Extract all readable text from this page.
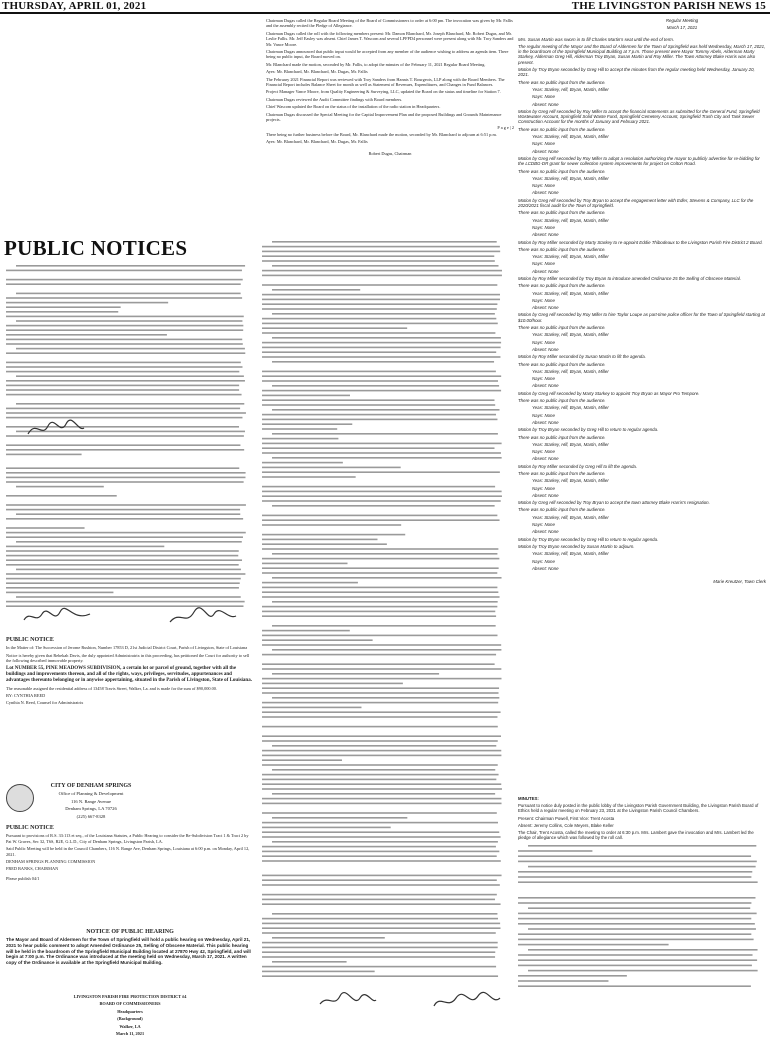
THURSDAY, APRIL 01, 2021	THE LIVINGSTON PARISH NEWS 15

Chairman Dugas called the Regular Board Meeting of the Board of Commissioners to order at 6:00 pm. The invocation was given by Mr. Fallis and the assembly recited the Pledge of Allegiance.

Chairman Dugas called the roll with the following members present: Mr. Damon Blanchard, Mr. Joseph Blanchard, Mr. Robert Dugas, and Mr. Leslie Fallis. Mr. Jeff Easley was absent. Chief James T. Wascom and several LPFPD4 personnel were present along with Mr. Troy Sanders and Mr. Vance Moore.

Chairman Dugas announced that public input would be accepted from any member of the audience wishing to address an agenda item. There being no public input, the Board moved on.

Mr. Blanchard made the motion, seconded by Mr. Fallis, to adopt the minutes of the February 11, 2021 Regular Board Meeting.

Ayes: Mr. Blanchard, Mr. Blanchard, Mr. Dugas, Mr. Fallis

The February 2021 Financial Report was reviewed with Troy Sanders from Hannis T. Bourgeois, LLP along with the Board Members. The Financial Report includes Balance Sheet for month as well as Statement of Revenues, Expenditures, and Changes in Fund Balances.

Project Manager Vance Moore, from Quality Engineering & Surveying, LLC, updated the Board on the status and timeline for Station 7.

Chairman Dugas reviewed the Audit Committee findings with Board members.

Chief Wascom updated the Board on the status of the installation of the radio station in Headquarters.

Chairman Dugas discussed the Special Meeting for the Capital Improvement Plan and the proposed Buildings and Grounds Maintenance projects.

P a g e | 2

There being no further business before the Board, Mr. Blanchard made the motion, seconded by Mr. Blanchard to adjourn at 6:51 p.m.

Ayes: Mr. Blanchard, Mr. Blanchard, Mr. Dugas, Mr. Fallis

Robert Dugas, Chairman

PUBLIC NOTICES

PUBLIC NOTICE

In the Matter of: The Succession of Jerome Rushton, Number 17853 D, 21st Judicial District Court, Parish of Livingston, State of Louisiana

Notice is hereby given that Rebekah Davis, the duly appointed Administratrix in this proceeding, has petitioned the Court for authority to sell the following described immovable property.

Lot NUMBER 55, PINE MEADOWS SUBDIVISION, a certain lot or parcel of ground, together with all the buildings and improvements thereon, and all of the rights, ways, privileges, servitudes, appurtenances and advantages thereunto belonging or in anywise appertaining, situated in the Parish of Livingston, State of Louisiana.

The reasonable assigned the residential address of 13458 Travis Street, Walker, La. and is made for the sum of $90,000.00.

BY: CYNTHIA REED

Cynthia N. Reed, Counsel for Administratrix

CITY OF DENHAM SPRINGS

Office of Planning & Development

116 N. Range Avenue

Denham Springs, LA 70726

(225) 667-8328

PUBLIC NOTICE

Pursuant to provisions of R.S. 33:113 et seq., of the Louisiana Statutes, a Public Hearing to consider the Re-Subdivision Tract 1 & Tract 2 by Pat W. Graves, Sec 32, T6S, R2E, G.L.D., City of Denham Springs, Livingston Parish, LA.

Said Public Meeting will be held in the Council Chambers, 116 N. Range Ave, Denham Springs, Louisiana at 6:00 p.m. on Monday, April 12, 2021.

DENHAM SPRINGS PLANNING COMMISSION

FRED BANKS, CHAIRMAN

Please publish 04/1

NOTICE OF PUBLIC HEARING

The Mayor and Board of Aldermen for the Town of Springfield will hold a public hearing on Wednesday, April 21, 2021 to hear public comment to adopt Amended Ordinance 25, Selling of Obscene Material. This public hearing will be held in the boardroom of the Springfield Municipal Building located at 27870 Hwy 42, Springfield, and will begin at 7:00 p.m. The Ordinance was introduced at the meeting held on Wednesday, March 17, 2021. A written copy of the Ordinance is available at the Springfield Municipal Building.

LIVINGSTON PARISH FIRE PROTECTION DISTRICT #4

BOARD OF COMMISSIONERS

Headquarters

(Background)

Walker, LA

March 11, 2021

Regular Meeting

March 17, 2021

Mrs. Susan Martin was sworn in to fill Charles Martin's seat until the end of term.

The regular meeting of the Mayor and the Board of Aldermen for the Town of Springfield was held Wednesday, March 17, 2021, in the boardroom of the Springfield Municipal Building at 7 p.m. Those present were Mayor Tommy Abels, Alderman Marty Starkey, Alderman Greg Hill, Alderman Troy Bryan, Susan Martin and Roy Miller. The Town Attorney Blake Harris was also present.

Motion by Troy Bryan seconded by Greg Hill to accept the minutes from the regular meeting held Wednesday, January 20, 2021.

There was no public input from the audience.

Yeas: Starkey, Hill, Bryan, Martin, Miller

Nays: None

Absent: None

Motion by Greg Hill seconded by Roy Miller to accept the financial statements as submitted for the General Fund, Springfield Wastewater Account, Springfield Solid Waste Fund, Springfield Cemetery Account, Springfield Trash City and Tank Sewer Construction Account for the months of January and February 2021.

There was no public input from the audience.

Yeas: Starkey, Hill, Bryan, Martin, Miller

Nays: None

Absent: None

Motion by Greg Hill seconded by Roy Miller to adopt a resolution authorizing the mayor to publicly advertise for re-bidding for the LCDBG-DR grant for sewer collection system improvements for project on Colton Road.

There was no public input from the audience.

Yeas: Starkey, Hill, Bryan, Martin, Miller

Nays: None

Absent: None

Motion by Greg Hill seconded by Troy Bryan to accept the engagement letter with Edler, Stevens & Company, LLC for the 2020/2021 fiscal audit for the Town of Springfield.

There was no public input from the audience.

Yeas: Starkey, Hill, Bryan, Martin, Miller

Nays: None

Absent: None

Motion by Roy Miller seconded by Marty Starkey to re-appoint Eddie Thibodeaux to the Livingston Parish Fire District 2 Board.

There was no public input from the audience.

Yeas: Starkey, Hill, Bryan, Martin, Miller

Nays: None

Absent: None

Motion by Roy Miller seconded by Troy Bryan to introduce amended Ordinance 25 the Selling of Obscene Material.

There was no public input from the audience.

Yeas: Starkey, Hill, Bryan, Martin, Miller

Nays: None

Absent: None

Motion by Greg Hill seconded by Roy Miller to hire Taylor Loupe as part-time police officer for the Town of Springfield starting at $10.00/hour.

There was no public input from the audience.

Yeas: Starkey, Hill, Bryan, Martin, Miller

Nays: None

Absent: None

Motion by Roy Miller seconded by Susan Martin to lift the agenda.

There was no public input from the audience.

Yeas: Starkey, Hill, Bryan, Martin, Miller

Nays: None

Absent: None

Motion by Greg Hill seconded by Marty Starkey to appoint Troy Bryan as Mayor Pro Tempore.

There was no public input from the audience.

Yeas: Starkey, Hill, Bryan, Martin, Miller

Nays: None

Absent: None

Motion by Troy Bryan seconded by Greg Hill to return to regular agenda.

There was no public input from the audience.

Yeas: Starkey, Hill, Bryan, Martin, Miller

Nays: None

Absent: None

Motion by Roy Miller seconded by Greg Hill to lift the agenda.

There was no public input from the audience.

Yeas: Starkey, Hill, Bryan, Martin, Miller

Nays: None

Absent: None

Motion by Greg Hill seconded by Troy Bryan to accept the town attorney Blake Harris's resignation.

There was no public input from the audience.

Yeas: Starkey, Hill, Bryan, Martin, Miller

Nays: None

Absent: None

Motion by Troy Bryan seconded by Greg Hill to return to regular agenda.

Motion by Troy Bryan seconded by Susan Martin to adjourn.

Yeas: Starkey, Hill, Bryan, Martin, Miller

Nays: None

Absent: None

Marie Kreutzer, Town Clerk

MINUTES:

Pursuant to notice duly posted in the public lobby of the Livingston Parish Government Building, the Livingston Parish Board of Ethics held a regular meeting on February 23, 2021 at the Livingston Parish Council Chambers.

Present: Chairman Powell, First Vice: Trent Acosta

Absent: Jeremy Collins, Cole Meyers, Blake Keller

The Chair, Trent Acosta, called the meeting to order at 6:30 p.m. Mrs. Lambert gave the invocation and Mrs. Lambert led the pledge of allegiance which was followed by the roll call.
